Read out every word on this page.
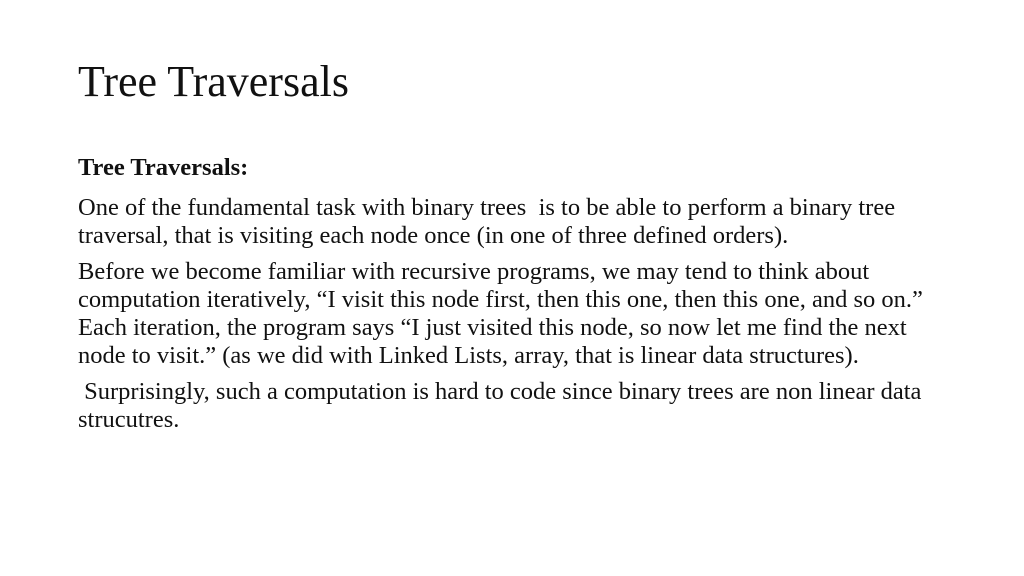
Tree Traversals

Tree Traversals:

One of the fundamental task with binary trees  is to be able to perform a binary tree traversal, that is visiting each node once (in one of three defined orders).

Before we become familiar with recursive programs, we may tend to think about computation iteratively, “I visit this node first, then this one, then this one, and so on.” Each iteration, the program says “I just visited this node, so now let me find the next node to visit.” (as we did with Linked Lists, array, that is linear data structures).

Surprisingly, such a computation is hard to code since binary trees are non linear data strucutres.
